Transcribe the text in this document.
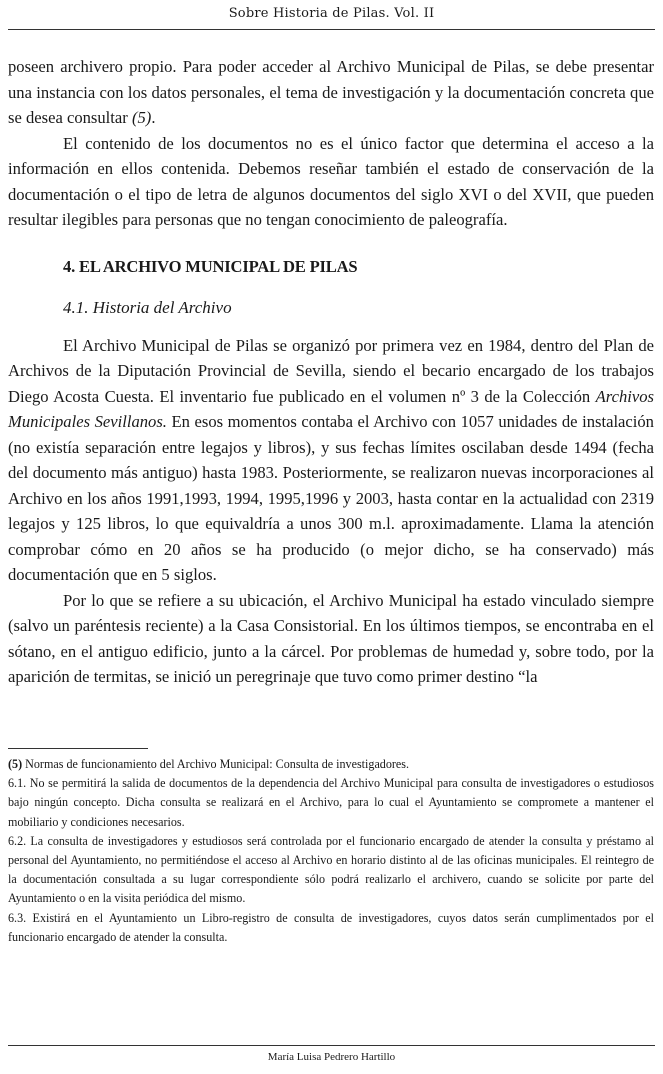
Sobre Historia de Pilas. Vol. II

poseen archivero propio. Para poder acceder al Archivo Municipal de Pilas, se debe presentar una instancia con los datos personales, el tema de investigación y la documentación concreta que se desea consultar (5).

El contenido de los documentos no es el único factor que determina el acceso a la información en ellos contenida. Debemos reseñar también el estado de conservación de la documentación o el tipo de letra de algunos documentos del siglo XVI o del XVII, que pueden resultar ilegibles para personas que no tengan conocimiento de paleografía.

4. EL ARCHIVO MUNICIPAL DE PILAS
4.1. Historia del Archivo

El Archivo Municipal de Pilas se organizó por primera vez en 1984, dentro del Plan de Archivos de la Diputación Provincial de Sevilla, siendo el becario encargado de los trabajos Diego Acosta Cuesta. El inventario fue publicado en el volumen nº 3 de la Colección Archivos Municipales Sevillanos. En esos momentos contaba el Archivo con 1057 unidades de instalación (no existía separación entre legajos y libros), y sus fechas límites oscilaban desde 1494 (fecha del documento más antiguo) hasta 1983. Posteriormente, se realizaron nuevas incorporaciones al Archivo en los años 1991,1993, 1994, 1995,1996 y 2003, hasta contar en la actualidad con 2319 legajos y 125 libros, lo que equivaldría a unos 300 m.l. aproximadamente. Llama la atención comprobar cómo en 20 años se ha producido (o mejor dicho, se ha conservado) más documentación que en 5 siglos.

Por lo que se refiere a su ubicación, el Archivo Municipal ha estado vinculado siempre (salvo un paréntesis reciente) a la Casa Consistorial. En los últimos tiempos, se encontraba en el sótano, en el antiguo edificio, junto a la cárcel. Por problemas de humedad y, sobre todo, por la aparición de termitas, se inició un peregrinaje que tuvo como primer destino “la

(5) Normas de funcionamiento del Archivo Municipal: Consulta de investigadores.

6.1. No se permitirá la salida de documentos de la dependencia del Archivo Municipal para consulta de investigadores o estudiosos bajo ningún concepto. Dicha consulta se realizará en el Archivo, para lo cual el Ayuntamiento se compromete a mantener el mobiliario y condiciones necesarios.

6.2. La consulta de investigadores y estudiosos será controlada por el funcionario encargado de atender la consulta y préstamo al personal del Ayuntamiento, no permitiéndose el acceso al Archivo en horario distinto al de las oficinas municipales. El reintegro de la documentación consultada a su lugar correspondiente sólo podrá realizarlo el archivero, cuando se solicite por parte del Ayuntamiento o en la visita periódica del mismo.

6.3. Existirá en el Ayuntamiento un Libro-registro de consulta de investigadores, cuyos datos serán cumplimentados por el funcionario encargado de atender la consulta.

María Luisa Pedrero Hartillo
